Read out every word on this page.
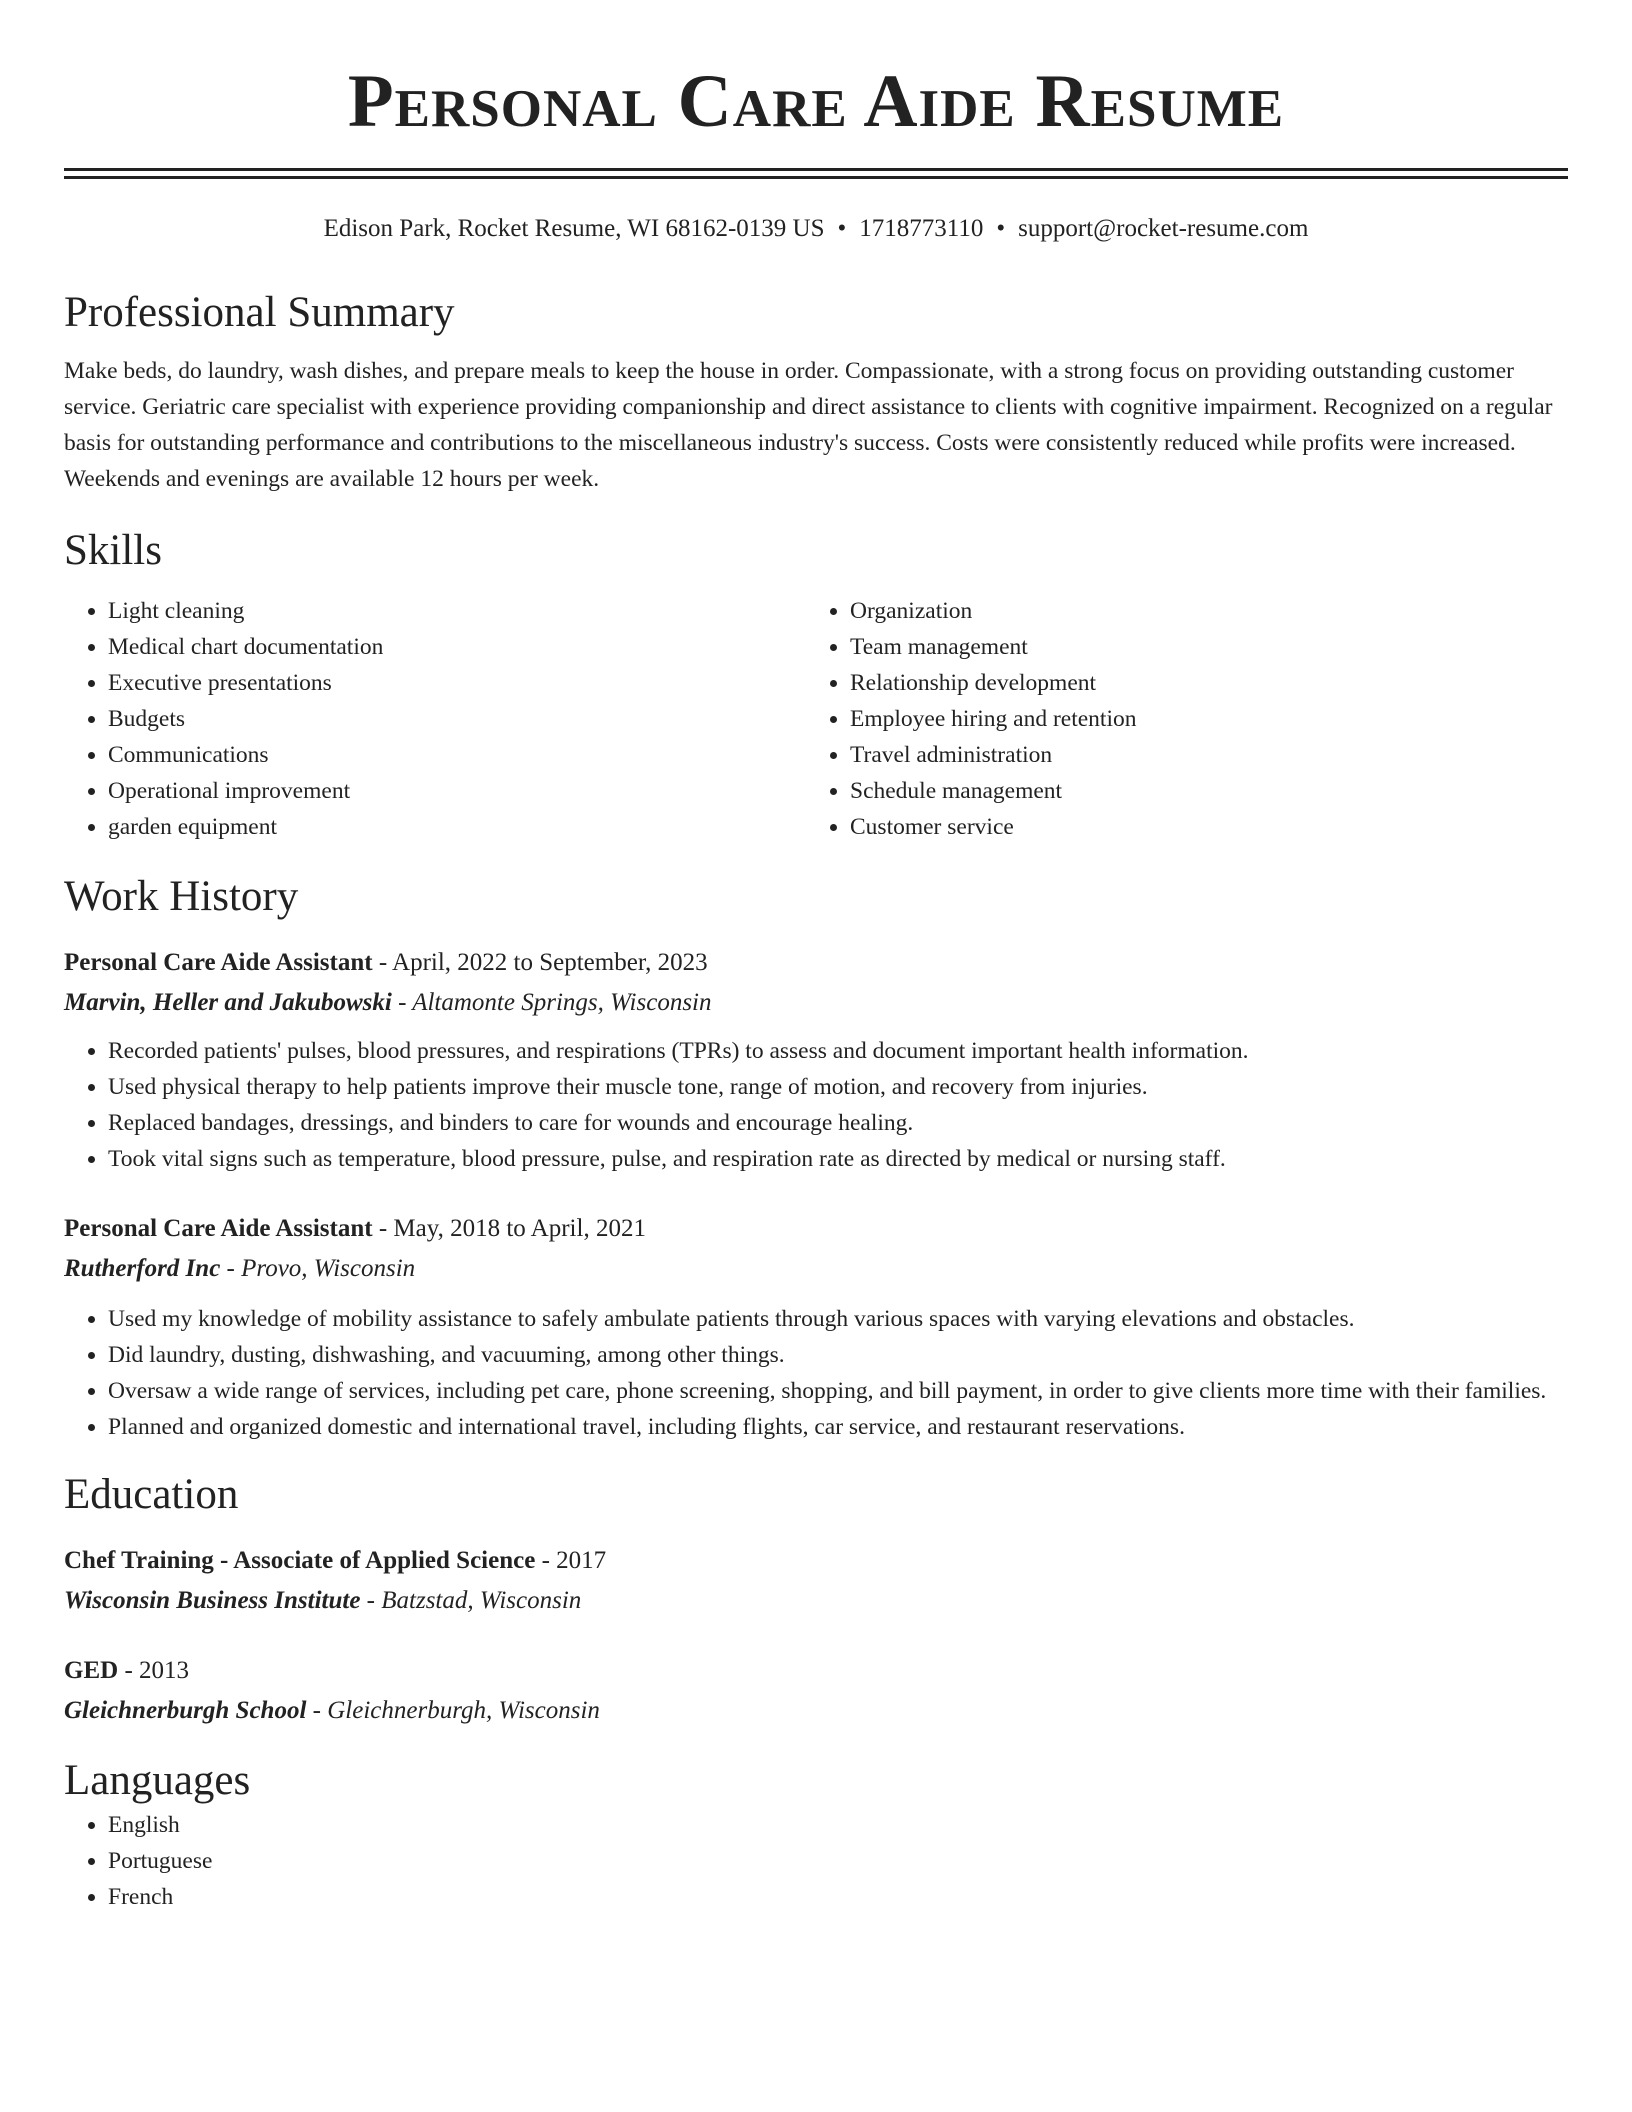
Personal Care Aide Resume
Edison Park, Rocket Resume, WI 68162-0139 US • 1718773110 • support@rocket-resume.com
Professional Summary

Make beds, do laundry, wash dishes, and prepare meals to keep the house in order. Compassionate, with a strong focus on providing outstanding customer service. Geriatric care specialist with experience providing companionship and direct assistance to clients with cognitive impairment. Recognized on a regular basis for outstanding performance and contributions to the miscellaneous industry's success. Costs were consistently reduced while profits were increased. Weekends and evenings are available 12 hours per week.

Skills
• Light cleaning
• Medical chart documentation
• Executive presentations
• Budgets
• Communications
• Operational improvement
• garden equipment
• Organization
• Team management
• Relationship development
• Employee hiring and retention
• Travel administration
• Schedule management
• Customer service
Work History
Personal Care Aide Assistant - April, 2022 to September, 2023
Marvin, Heller and Jakubowski - Altamonte Springs, Wisconsin
• Recorded patients' pulses, blood pressures, and respirations (TPRs) to assess and document important health information.
• Used physical therapy to help patients improve their muscle tone, range of motion, and recovery from injuries.
• Replaced bandages, dressings, and binders to care for wounds and encourage healing.
• Took vital signs such as temperature, blood pressure, pulse, and respiration rate as directed by medical or nursing staff.
Personal Care Aide Assistant - May, 2018 to April, 2021
Rutherford Inc - Provo, Wisconsin
• Used my knowledge of mobility assistance to safely ambulate patients through various spaces with varying elevations and obstacles.
• Did laundry, dusting, dishwashing, and vacuuming, among other things.
• Oversaw a wide range of services, including pet care, phone screening, shopping, and bill payment, in order to give clients more time with their families.
• Planned and organized domestic and international travel, including flights, car service, and restaurant reservations.
Education
Chef Training - Associate of Applied Science - 2017
Wisconsin Business Institute - Batzstad, Wisconsin
GED - 2013
Gleichnerburgh School - Gleichnerburgh, Wisconsin
Languages
• English
• Portuguese
• French
